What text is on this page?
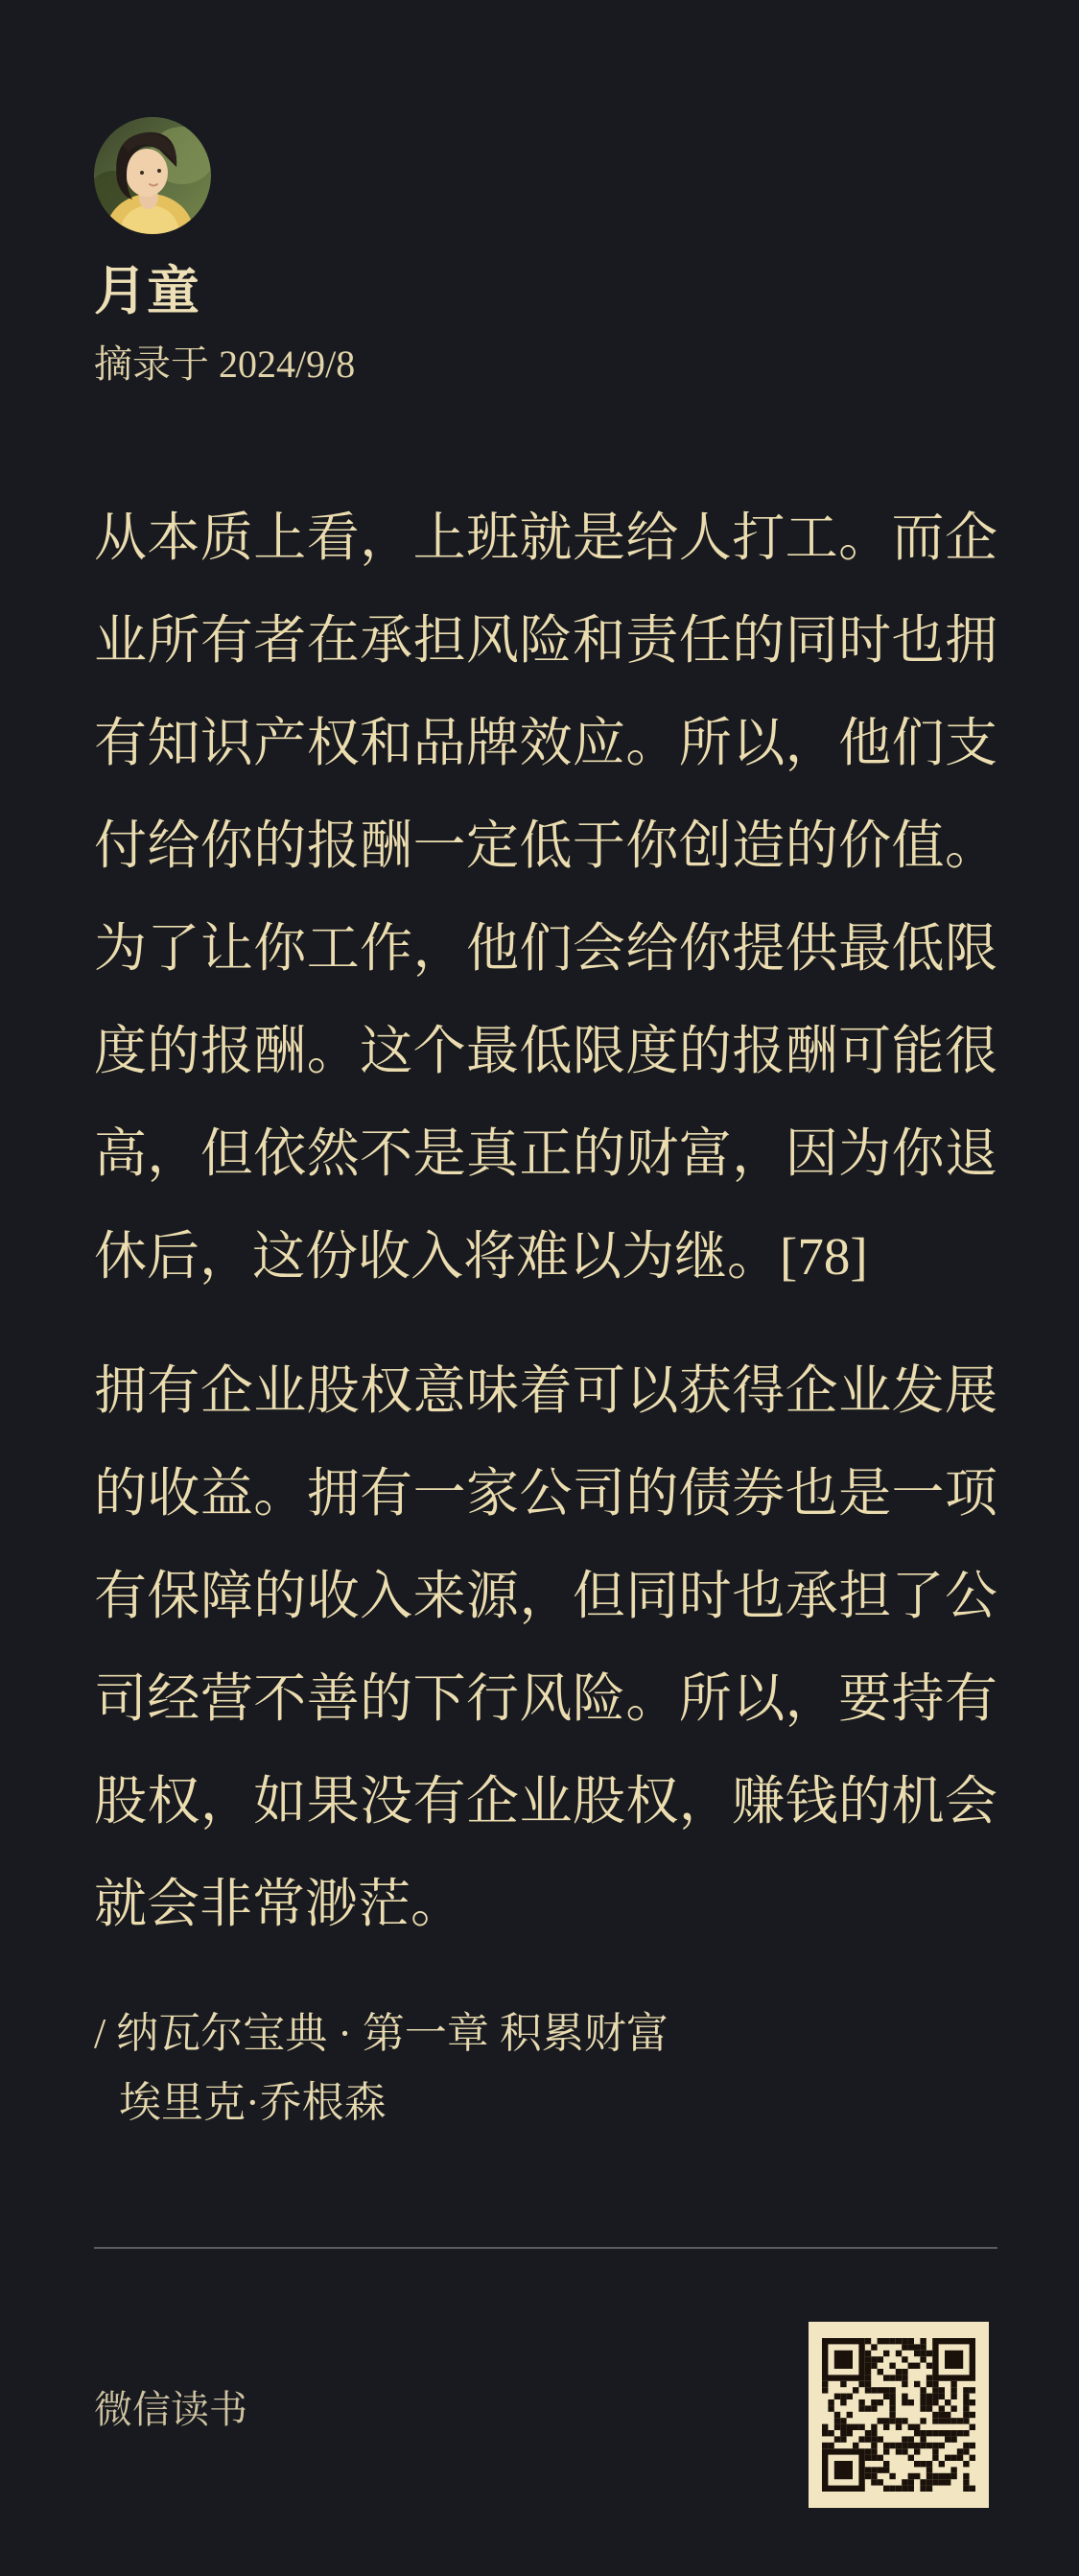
月童
摘录于 2024/9/8
从本质上看，上班就是给人打工。而企
业所有者在承担风险和责任的同时也拥
有知识产权和品牌效应。所以，他们支
付给你的报酬一定低于你创造的价值。
为了让你工作，他们会给你提供最低限
度的报酬。这个最低限度的报酬可能很
高，但依然不是真正的财富，因为你退
休后，这份收入将难以为继。[78]
拥有企业股权意味着可以获得企业发展
的收益。拥有一家公司的债券也是一项
有保障的收入来源，但同时也承担了公
司经营不善的下行风险。所以，要持有
股权，如果没有企业股权，赚钱的机会
就会非常渺茫。
/ 纳瓦尔宝典 · 第一章 积累财富
埃里克·乔根森
微信读书
